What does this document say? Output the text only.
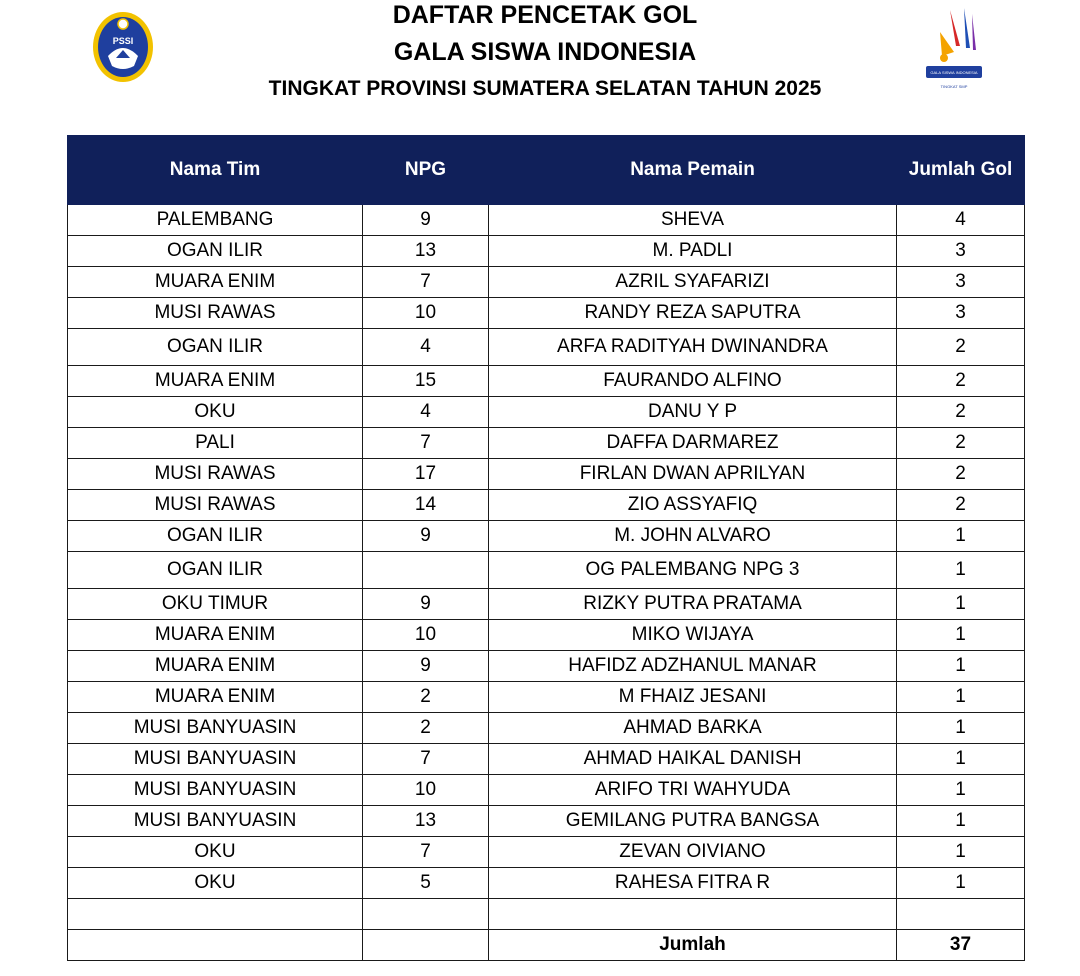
PSSI
DAFTAR PENCETAK GOL
GALA SISWA INDONESIA
TINGKAT PROVINSI SUMATERA SELATAN TAHUN 2025
GALA SISWA INDONESIA
TINGKAT SMP
Nama Tim	NPG	Nama Pemain	Jumlah Gol
PALEMBANG	9	SHEVA	4
OGAN ILIR	13	M. PADLI	3
MUARA ENIM	7	AZRIL SYAFARIZI	3
MUSI RAWAS	10	RANDY REZA SAPUTRA	3
OGAN ILIR	4	ARFA RADITYAH DWINANDRA	2
MUARA ENIM	15	FAURANDO ALFINO	2
OKU	4	DANU Y P	2
PALI	7	DAFFA DARMAREZ	2
MUSI RAWAS	17	FIRLAN DWAN APRILYAN	2
MUSI RAWAS	14	ZIO ASSYAFIQ	2
OGAN ILIR	9	M. JOHN ALVARO	1
OGAN ILIR		OG PALEMBANG NPG 3	1
OKU TIMUR	9	RIZKY PUTRA PRATAMA	1
MUARA ENIM	10	MIKO WIJAYA	1
MUARA ENIM	9	HAFIDZ ADZHANUL MANAR	1
MUARA ENIM	2	M FHAIZ JESANI	1
MUSI BANYUASIN	2	AHMAD BARKA	1
MUSI BANYUASIN	7	AHMAD HAIKAL DANISH	1
MUSI BANYUASIN	10	ARIFO TRI WAHYUDA	1
MUSI BANYUASIN	13	GEMILANG PUTRA BANGSA	1
OKU	7	ZEVAN OIVIANO	1
OKU	5	RAHESA FITRA R	1

		Jumlah	37
